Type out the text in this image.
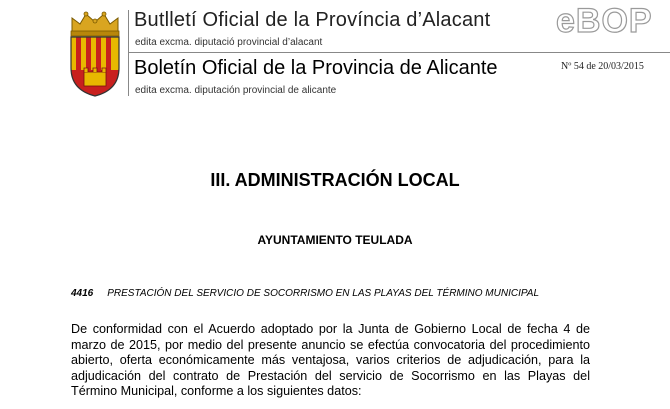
Butlletí Oficial de la Província d’Alacant
edita excma. diputació provincial d’alacant
Boletín Oficial de la Provincia de Alicante
edita excma. diputación provincial de alicante
eBOP
Nº 54 de 20/03/2015
III. ADMINISTRACIÓN LOCAL
AYUNTAMIENTO TEULADA
4416 PRESTACIÓN DEL SERVICIO DE SOCORRISMO EN LAS PLAYAS DEL TÉRMINO MUNICIPAL

De conformidad con el Acuerdo adoptado por la Junta de Gobierno Local de fecha 4 de marzo de 2015, por medio del presente anuncio se efectúa convocatoria del procedimiento abierto, oferta económicamente más ventajosa, varios criterios de adjudicación, para la adjudicación del contrato de Prestación del servicio de Socorrismo en las Playas del Término Municipal, conforme a los siguientes datos:
